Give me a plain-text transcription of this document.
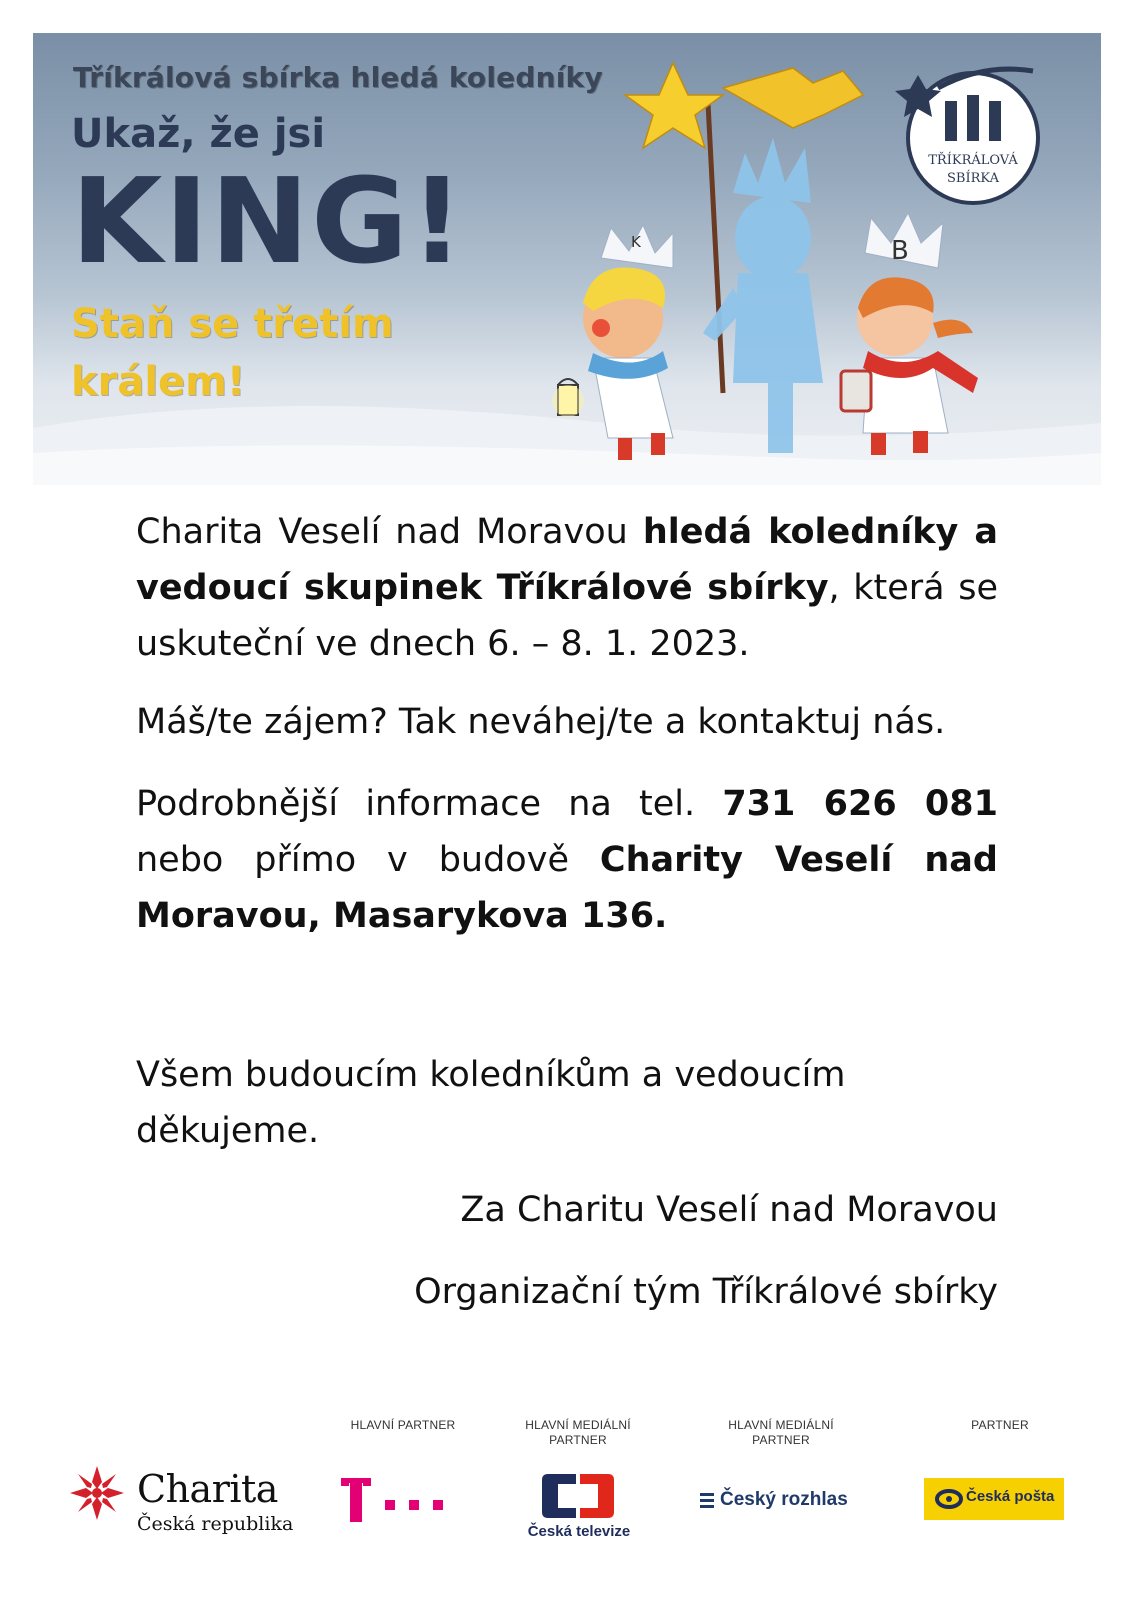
Tříkrálová sbírka hledá koledníky
Ukaž, že jsi
KING!
Staň se třetím
králem!
TŘÍKRÁLOVÁ
SBÍRKA
K	B

Charita Veselí nad Moravou hledá koledníky a vedoucí skupinek Tříkrálové sbírky, která se uskuteční ve dnech 6. – 8. 1. 2023.

Máš/te zájem? Tak neváhej/te a kontaktuj nás.

Podrobnější informace na tel. 731 626 081 nebo přímo v budově Charity Veselí nad Moravou, Masarykova 136.

Všem budoucím koledníkům a vedoucím děkujeme.

Za Charitu Veselí nad Moravou

Organizační tým Tříkrálové sbírky

HLAVNÍ PARTNER	HLAVNÍ MEDIÁLNÍ
PARTNER
HLAVNÍ MEDIÁLNÍ
PARTNER
PARTNER
Charita
Česká republika	Česká televize
Český rozhlas	Česká pošta
